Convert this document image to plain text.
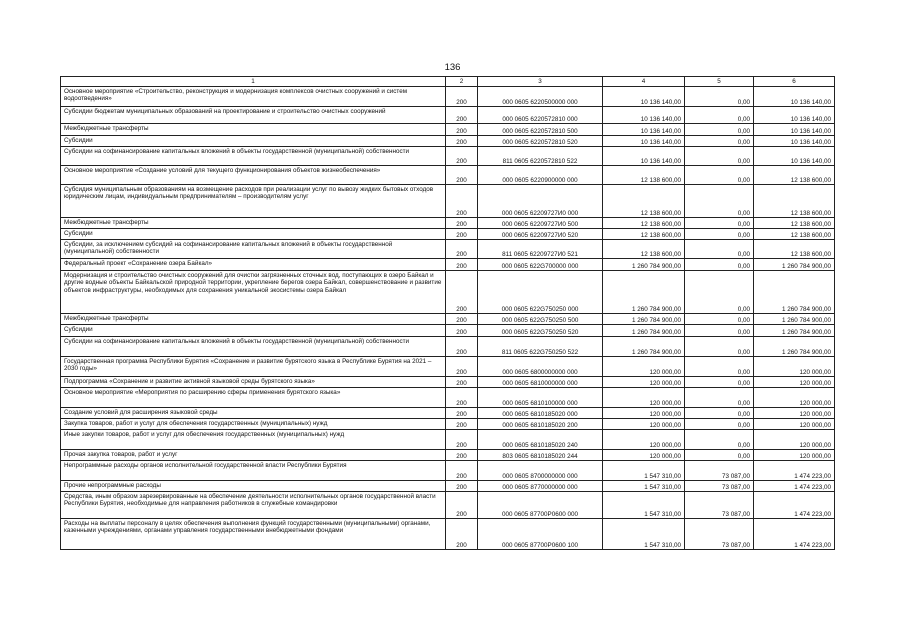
136
1	2	3	4	5	6
Основное мероприятие «Строительство, реконструкция и модернизация комплексов очистных сооружений и систем водоотведения»	200	000 0605 6220500000 000	10 136 140,00	0,00	10 136 140,00
Субсидии бюджетам муниципальных образований на проектирование и строительство очистных сооружений	200	000 0605 6220572810 000	10 136 140,00	0,00	10 136 140,00
Межбюджетные трансферты	200	000 0605 6220572810 500	10 136 140,00	0,00	10 136 140,00
Субсидии	200	000 0605 6220572810 520	10 136 140,00	0,00	10 136 140,00
Субсидии на софинансирование капитальных вложений в объекты государственной (муниципальной) собственности	200	811 0605 6220572810 522	10 136 140,00	0,00	10 136 140,00
Основное мероприятие «Создание условий для текущего функционирования объектов жизнеобеспечения»	200	000 0605 6220900000 000	12 138 600,00	0,00	12 138 600,00
Субсидия муниципальным образованиям на возмещение расходов при реализации услуг по вывозу жидких бытовых отходов юридическим лицам, индивидуальным предпринимателям – производителям услуг	200	000 0605 62209727И0 000	12 138 600,00	0,00	12 138 600,00
Межбюджетные трансферты	200	000 0605 62209727И0 500	12 138 600,00	0,00	12 138 600,00
Субсидии	200	000 0605 62209727И0 520	12 138 600,00	0,00	12 138 600,00
Субсидии, за исключением субсидий на софинансирование капитальных вложений в объекты государственной (муниципальной) собственности	200	811 0605 62209727И0 521	12 138 600,00	0,00	12 138 600,00
Федеральный проект «Сохранение озера Байкал»	200	000 0605 622G700000 000	1 260 784 900,00	0,00	1 260 784 900,00
Модернизация и строительство очистных сооружений для очистки загрязненных сточных вод, поступающих в озеро Байкал и другие водные объекты Байкальской природной территории, укрепление берегов озера Байкал, совершенствование и развитие объектов инфраструктуры, необходимых для сохранения уникальной экосистемы озера Байкал	200	000 0605 622G750250 000	1 260 784 900,00	0,00	1 260 784 900,00
Межбюджетные трансферты	200	000 0605 622G750250 500	1 260 784 900,00	0,00	1 260 784 900,00
Субсидии	200	000 0605 622G750250 520	1 260 784 900,00	0,00	1 260 784 900,00
Субсидии на софинансирование капитальных вложений в объекты государственной (муниципальной) собственности	200	811 0605 622G750250 522	1 260 784 900,00	0,00	1 260 784 900,00
Государственная программа Республики Бурятия «Сохранение и развитие бурятского языка в Республике Бурятия на 2021 – 2030 годы»	200	000 0605 6800000000 000	120 000,00	0,00	120 000,00
Подпрограмма «Сохранение и развитие активной языковой среды бурятского языка»	200	000 0605 6810000000 000	120 000,00	0,00	120 000,00
Основное мероприятие «Мероприятия по расширению сферы применения бурятского языка»	200	000 0605 6810100000 000	120 000,00	0,00	120 000,00
Создание условий для расширения языковой среды	200	000 0605 6810185020 000	120 000,00	0,00	120 000,00
Закупка товаров, работ и услуг для обеспечения государственных (муниципальных) нужд	200	000 0605 6810185020 200	120 000,00	0,00	120 000,00
Иные закупки товаров, работ и услуг для обеспечения государственных (муниципальных) нужд	200	000 0605 6810185020 240	120 000,00	0,00	120 000,00
Прочая закупка товаров, работ и услуг	200	803 0605 6810185020 244	120 000,00	0,00	120 000,00
Непрограммные расходы органов исполнительной государственной власти Республики Бурятия	200	000 0605 8700000000 000	1 547 310,00	73 087,00	1 474 223,00
Прочие непрограммные расходы	200	000 0605 8770000000 000	1 547 310,00	73 087,00	1 474 223,00
Средства, иным образом зарезервированные на обеспечение деятельности исполнительных органов государственной власти Республики Бурятия, необходимые для направления работников в служебные командировки	200	000 0605 87700Р0600 000	1 547 310,00	73 087,00	1 474 223,00
Расходы на выплаты персоналу в целях обеспечения выполнения функций государственными (муниципальными) органами, казенными учреждениями, органами управления государственными внебюджетными фондами	200	000 0605 87700Р0600 100	1 547 310,00	73 087,00	1 474 223,00
